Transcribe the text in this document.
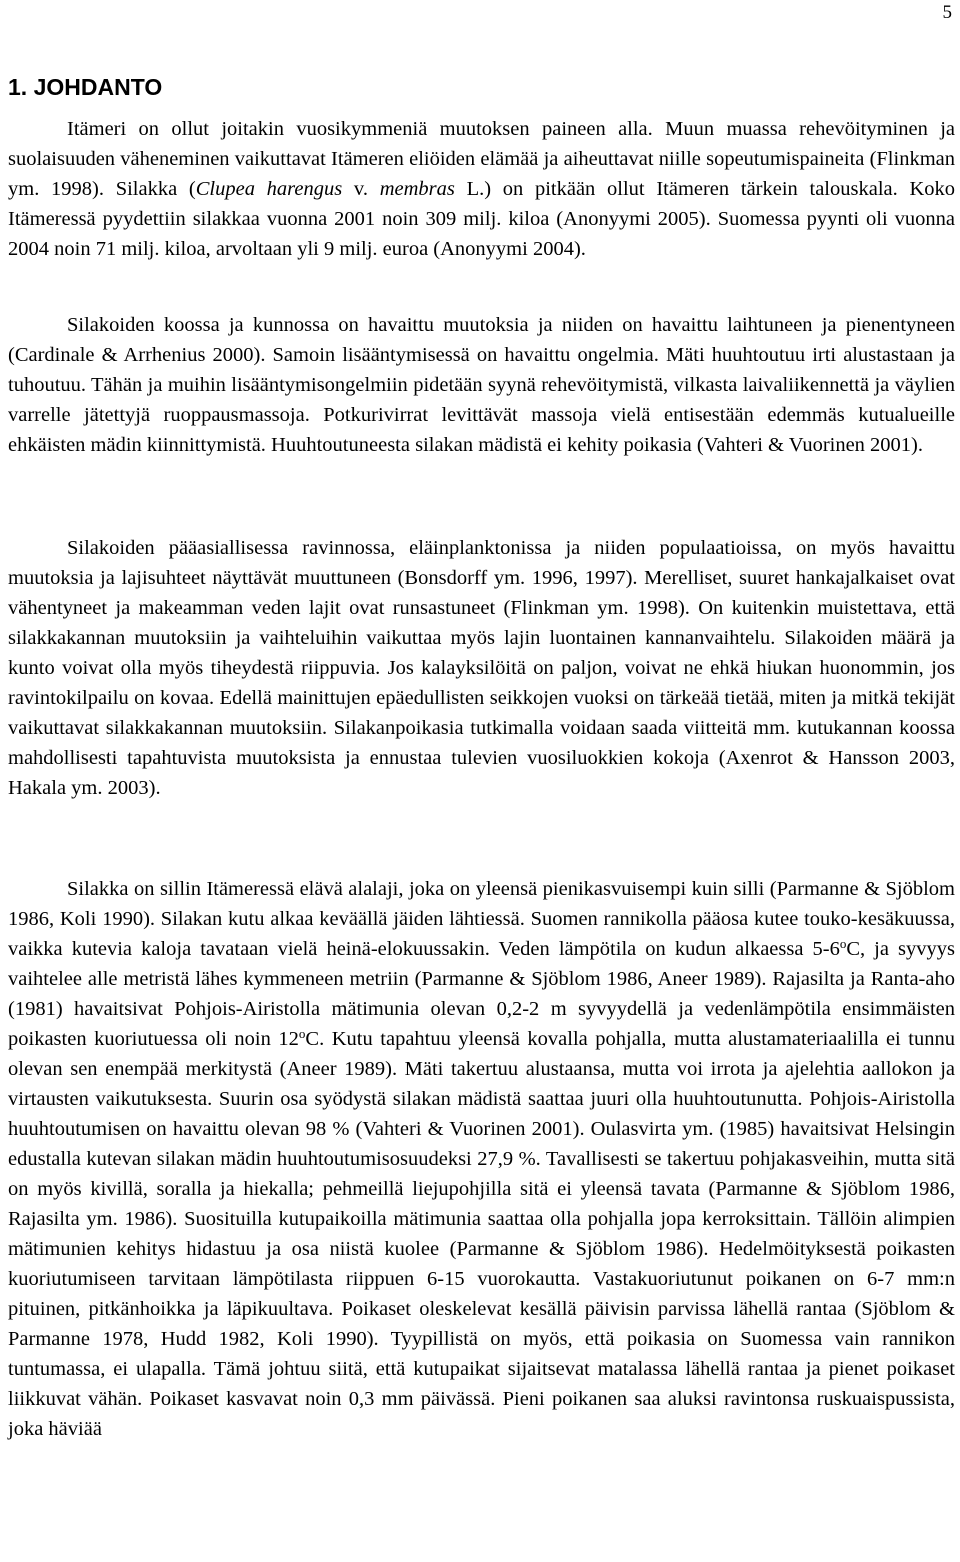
5
1. JOHDANTO

Itämeri on ollut joitakin vuosikymmeniä muutoksen paineen alla. Muun muassa rehevöityminen ja suolaisuuden väheneminen vaikuttavat Itämeren eliöiden elämää ja aiheuttavat niille sopeutumispaineita (Flinkman ym. 1998). Silakka (Clupea harengus v. membras L.) on pitkään ollut Itämeren tärkein talouskala. Koko Itämeressä pyydettiin silakkaa vuonna 2001 noin 309 milj. kiloa (Anonyymi 2005). Suomessa pyynti oli vuonna 2004 noin 71 milj. kiloa, arvoltaan yli 9 milj. euroa (Anonyymi 2004).

Silakoiden koossa ja kunnossa on havaittu muutoksia ja niiden on havaittu laihtuneen ja pienentyneen (Cardinale & Arrhenius 2000). Samoin lisääntymisessä on havaittu ongelmia. Mäti huuhtoutuu irti alustastaan ja tuhoutuu. Tähän ja muihin lisääntymisongelmiin pidetään syynä rehevöitymistä, vilkasta laivaliikennettä ja väylien varrelle jätettyjä ruoppausmassoja. Potkurivirrat levittävät massoja vielä entisestään edemmäs kutualueille ehkäisten mädin kiinnittymistä. Huuhtoutuneesta silakan mädistä ei kehity poikasia (Vahteri & Vuorinen 2001).

Silakoiden pääasiallisessa ravinnossa, eläinplanktonissa ja niiden populaatioissa, on myös havaittu muutoksia ja lajisuhteet näyttävät muuttuneen (Bonsdorff ym. 1996, 1997). Merelliset, suuret hankajalkaiset ovat vähentyneet ja makeamman veden lajit ovat runsastuneet (Flinkman ym. 1998). On kuitenkin muistettava, että silakkakannan muutoksiin ja vaihteluihin vaikuttaa myös lajin luontainen kannanvaihtelu. Silakoiden määrä ja kunto voivat olla myös tiheydestä riippuvia. Jos kalayksilöitä on paljon, voivat ne ehkä hiukan huonommin, jos ravintokilpailu on kovaa. Edellä mainittujen epäedullisten seikkojen vuoksi on tärkeää tietää, miten ja mitkä tekijät vaikuttavat silakkakannan muutoksiin. Silakanpoikasia tutkimalla voidaan saada viitteitä mm. kutukannan koossa mahdollisesti tapahtuvista muutoksista ja ennustaa tulevien vuosiluokkien kokoja (Axenrot & Hansson 2003, Hakala ym. 2003).

Silakka on sillin Itämeressä elävä alalaji, joka on yleensä pienikasvuisempi kuin silli (Parmanne & Sjöblom 1986, Koli 1990). Silakan kutu alkaa keväällä jäiden lähtiessä. Suomen rannikolla pääosa kutee touko-kesäkuussa, vaikka kutevia kaloja tavataan vielä heinä-elokuussakin. Veden lämpötila on kudun alkaessa 5-6$^o$C, ja syvyys vaihtelee alle metristä lähes kymmeneen metriin (Parmanne & Sjöblom 1986, Aneer 1989). Rajasilta ja Ranta-aho (1981) havaitsivat Pohjois-Airistolla mätimunia olevan 0,2-2 m syvyydellä ja vedenlämpötila ensimmäisten poikasten kuoriutuessa oli noin 12$^o$C. Kutu tapahtuu yleensä kovalla pohjalla, mutta alustamateriaalilla ei tunnu olevan sen enempää merkitystä (Aneer 1989). Mäti takertuu alustaansa, mutta voi irrota ja ajelehtia aallokon ja virtausten vaikutuksesta. Suurin osa syödystä silakan mädistä saattaa juuri olla huuhtoutunutta. Pohjois-Airistolla huuhtoutumisen on havaittu olevan 98 % (Vahteri & Vuorinen 2001). Oulasvirta ym. (1985) havaitsivat Helsingin edustalla kutevan silakan mädin huuhtoutumisosuudeksi 27,9 %. Tavallisesti se takertuu pohjakasveihin, mutta sitä on myös kivillä, soralla ja hiekalla; pehmeillä liejupohjilla sitä ei yleensä tavata (Parmanne & Sjöblom 1986, Rajasilta ym. 1986). Suosituilla kutupaikoilla mätimunia saattaa olla pohjalla jopa kerroksittain. Tällöin alimpien mätimunien kehitys hidastuu ja osa niistä kuolee (Parmanne & Sjöblom 1986). Hedelmöityksestä poikasten kuoriutumiseen tarvitaan lämpötilasta riippuen 6-15 vuorokautta. Vastakuoriutunut poikanen on 6-7 mm:n pituinen, pitkänhoikka ja läpikuultava. Poikaset oleskelevat kesällä päivisin parvissa lähellä rantaa (Sjöblom & Parmanne 1978, Hudd 1982, Koli 1990). Tyypillistä on myös, että poikasia on Suomessa vain rannikon tuntumassa, ei ulapalla. Tämä johtuu siitä, että kutupaikat sijaitsevat matalassa lähellä rantaa ja pienet poikaset liikkuvat vähän. Poikaset kasvavat noin 0,3 mm päivässä. Pieni poikanen saa aluksi ravintonsa ruskuaispussista, joka häviää
